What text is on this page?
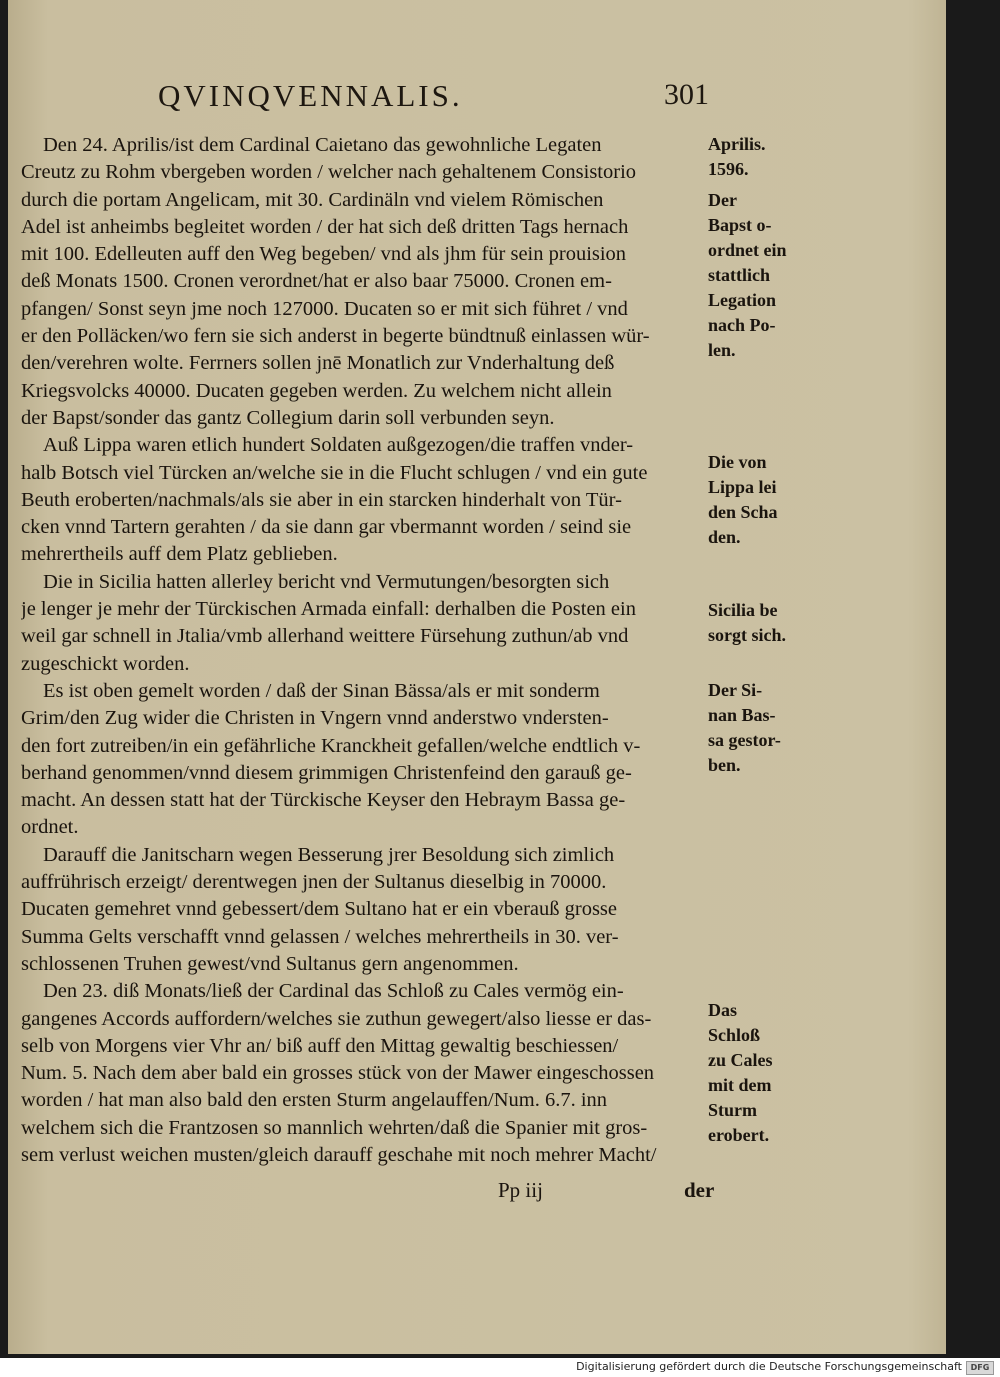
QVINQVENNALIS.	301
Den 24. Aprilis/ist dem Cardinal Caietano das gewohnliche Legaten
Creutz zu Rohm vbergeben worden / welcher nach gehaltenem Consistorio
durch die portam Angelicam, mit 30. Cardinäln vnd vielem Römischen
Adel ist anheimbs begleitet worden / der hat sich deß dritten Tags hernach
mit 100. Edelleuten auff den Weg begeben/ vnd als jhm für sein prouision
deß Monats 1500. Cronen verordnet/hat er also baar 75000. Cronen em-
pfangen/ Sonst seyn jme noch 127000. Ducaten so er mit sich führet / vnd
er den Polläcken/wo fern sie sich anderst in begerte bündtnuß einlassen wür-
den/verehren wolte. Ferrners sollen jnē Monatlich zur Vnderhaltung deß
Kriegsvolcks 40000. Ducaten gegeben werden. Zu welchem nicht allein
der Bapst/sonder das gantz Collegium darin soll verbunden seyn.
Auß Lippa waren etlich hundert Soldaten außgezogen/die traffen vnder-
halb Botsch viel Türcken an/welche sie in die Flucht schlugen / vnd ein gute
Beuth eroberten/nachmals/als sie aber in ein starcken hinderhalt von Tür-
cken vnnd Tartern gerahten / da sie dann gar vbermannt worden / seind sie
mehrertheils auff dem Platz geblieben.
Die in Sicilia hatten allerley bericht vnd Vermutungen/besorgten sich
je lenger je mehr der Türckischen Armada einfall: derhalben die Posten ein
weil gar schnell in Jtalia/vmb allerhand weittere Fürsehung zuthun/ab vnd
zugeschickt worden.
Es ist oben gemelt worden / daß der Sinan Bässa/als er mit sonderm
Grim/den Zug wider die Christen in Vngern vnnd anderstwo vndersten-
den fort zutreiben/in ein gefährliche Kranckheit gefallen/welche endtlich v-
berhand genommen/vnnd diesem grimmigen Christenfeind den garauß ge-
macht. An dessen statt hat der Türckische Keyser den Hebraym Bassa ge-
ordnet.
Darauff die Janitscharn wegen Besserung jrer Besoldung sich zimlich
auffrührisch erzeigt/ derentwegen jnen der Sultanus dieselbig in 70000.
Ducaten gemehret vnnd gebessert/dem Sultano hat er ein vberauß grosse
Summa Gelts verschafft vnnd gelassen / welches mehrertheils in 30. ver-
schlossenen Truhen gewest/vnd Sultanus gern angenommen.
Den 23. diß Monats/ließ der Cardinal das Schloß zu Cales vermög ein-
gangenes Accords auffordern/welches sie zuthun gewegert/also liesse er das-
selb von Morgens vier Vhr an/ biß auff den Mittag gewaltig beschiessen/
Num. 5. Nach dem aber bald ein grosses stück von der Mawer eingeschossen
worden / hat man also bald den ersten Sturm angelauffen/Num. 6.7. inn
welchem sich die Frantzosen so mannlich wehrten/daß die Spanier mit gros-
sem verlust weichen musten/gleich darauff geschahe mit noch mehrer Macht/
Aprilis.
1596.
Der
Bapst o-
ordnet ein
stattlich
Legation
nach Po-
len.
Die von
Lippa lei
den Scha
den.
Sicilia be
sorgt sich.
Der Si-
nan Bas-
sa gestor-
ben.
Das
Schloß
zu Cales
mit dem
Sturm
erobert.
Pp iij	der
Digitalisierung gefördert durch die Deutsche Forschungsgemeinschaft	DFG
